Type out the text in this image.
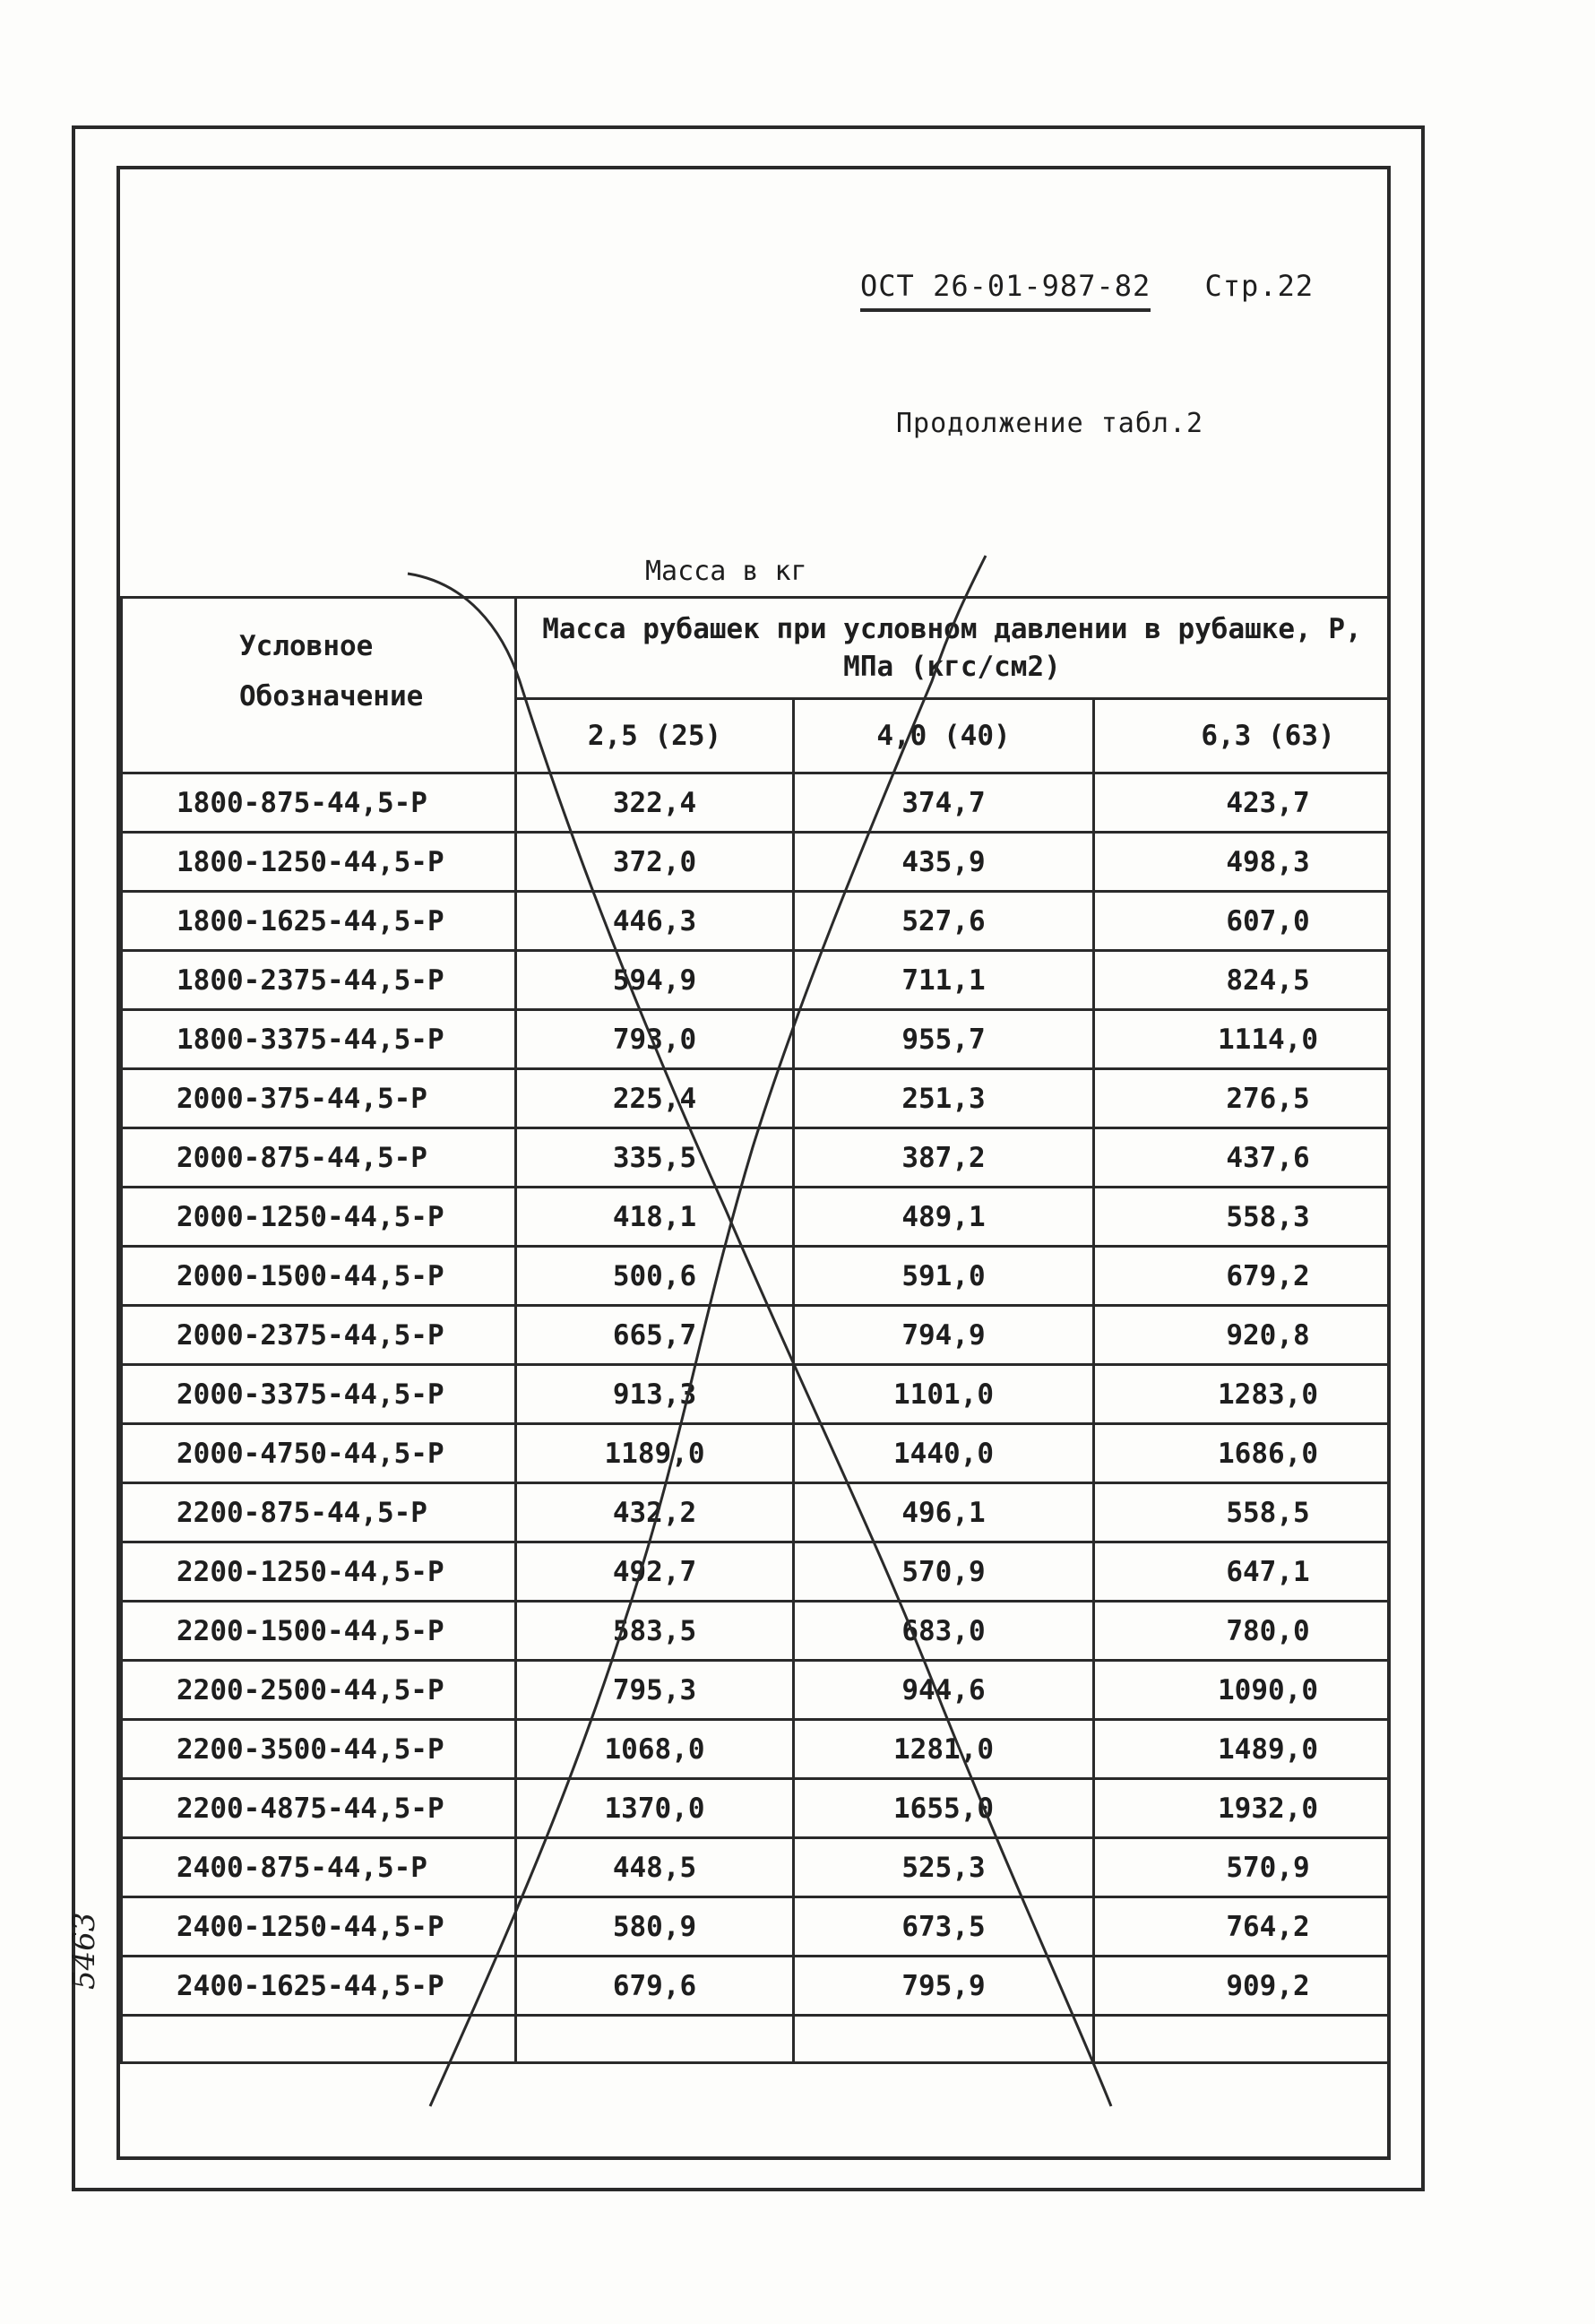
ОСТ 26-01-987-82 Стр.22
Продолжение табл.2
Масса в кг
Условное Обозначение	Масса рубашек при условном давлении в рубашке, P, МПа (кгс/см2)		
	2,5 (25)	4,0 (40)	6,3 (63)
1800-875-44,5-P	322,4	374,7	423,7
1800-1250-44,5-P	372,0	435,9	498,3
1800-1625-44,5-P	446,3	527,6	607,0
1800-2375-44,5-P	594,9	711,1	824,5
1800-3375-44,5-P	793,0	955,7	1114,0
2000-375-44,5-P	225,4	251,3	276,5
2000-875-44,5-P	335,5	387,2	437,6
2000-1250-44,5-P	418,1	489,1	558,3
2000-1500-44,5-P	500,6	591,0	679,2
2000-2375-44,5-P	665,7	794,9	920,8
2000-3375-44,5-P	913,3	1101,0	1283,0
2000-4750-44,5-P	1189,0	1440,0	1686,0
2200-875-44,5-P	432,2	496,1	558,5
2200-1250-44,5-P	492,7	570,9	647,1
2200-1500-44,5-P	583,5	683,0	780,0
2200-2500-44,5-P	795,3	944,6	1090,0
2200-3500-44,5-P	1068,0	1281,0	1489,0
2200-4875-44,5-P	1370,0	1655,0	1932,0
2400-875-44,5-P	448,5	525,3	570,9
2400-1250-44,5-P	580,9	673,5	764,2
2400-1625-44,5-P	679,6	795,9	909,2

5463
